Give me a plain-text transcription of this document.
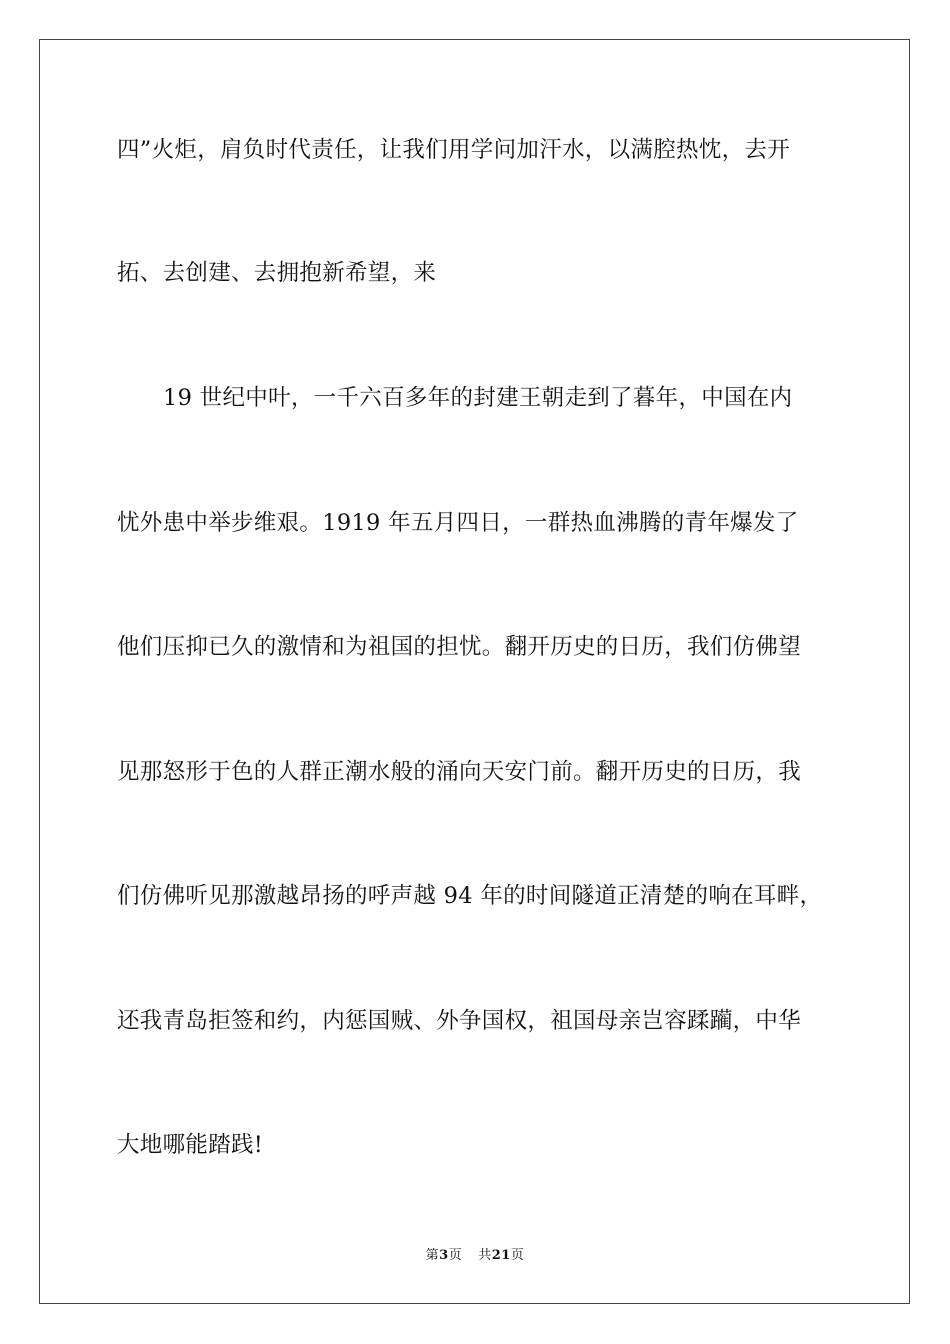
四”火炬，肩负时代责任，让我们用学问加汗水，以满腔热忱，去开
拓、去创建、去拥抱新希望，来
19 世纪中叶，一千六百多年的封建王朝走到了暮年，中国在内
忧外患中举步维艰。1919 年五月四日，一群热血沸腾的青年爆发了
他们压抑已久的激情和为祖国的担忧。翻开历史的日历，我们仿佛望
见那怒形于色的人群正潮水般的涌向天安门前。翻开历史的日历，我
们仿佛听见那激越昂扬的呼声越 94 年的时间隧道正清楚的响在耳畔，
还我青岛拒签和约，内惩国贼、外争国权，祖国母亲岂容蹂躏，中华
大地哪能踏践!
第3页 共21页
